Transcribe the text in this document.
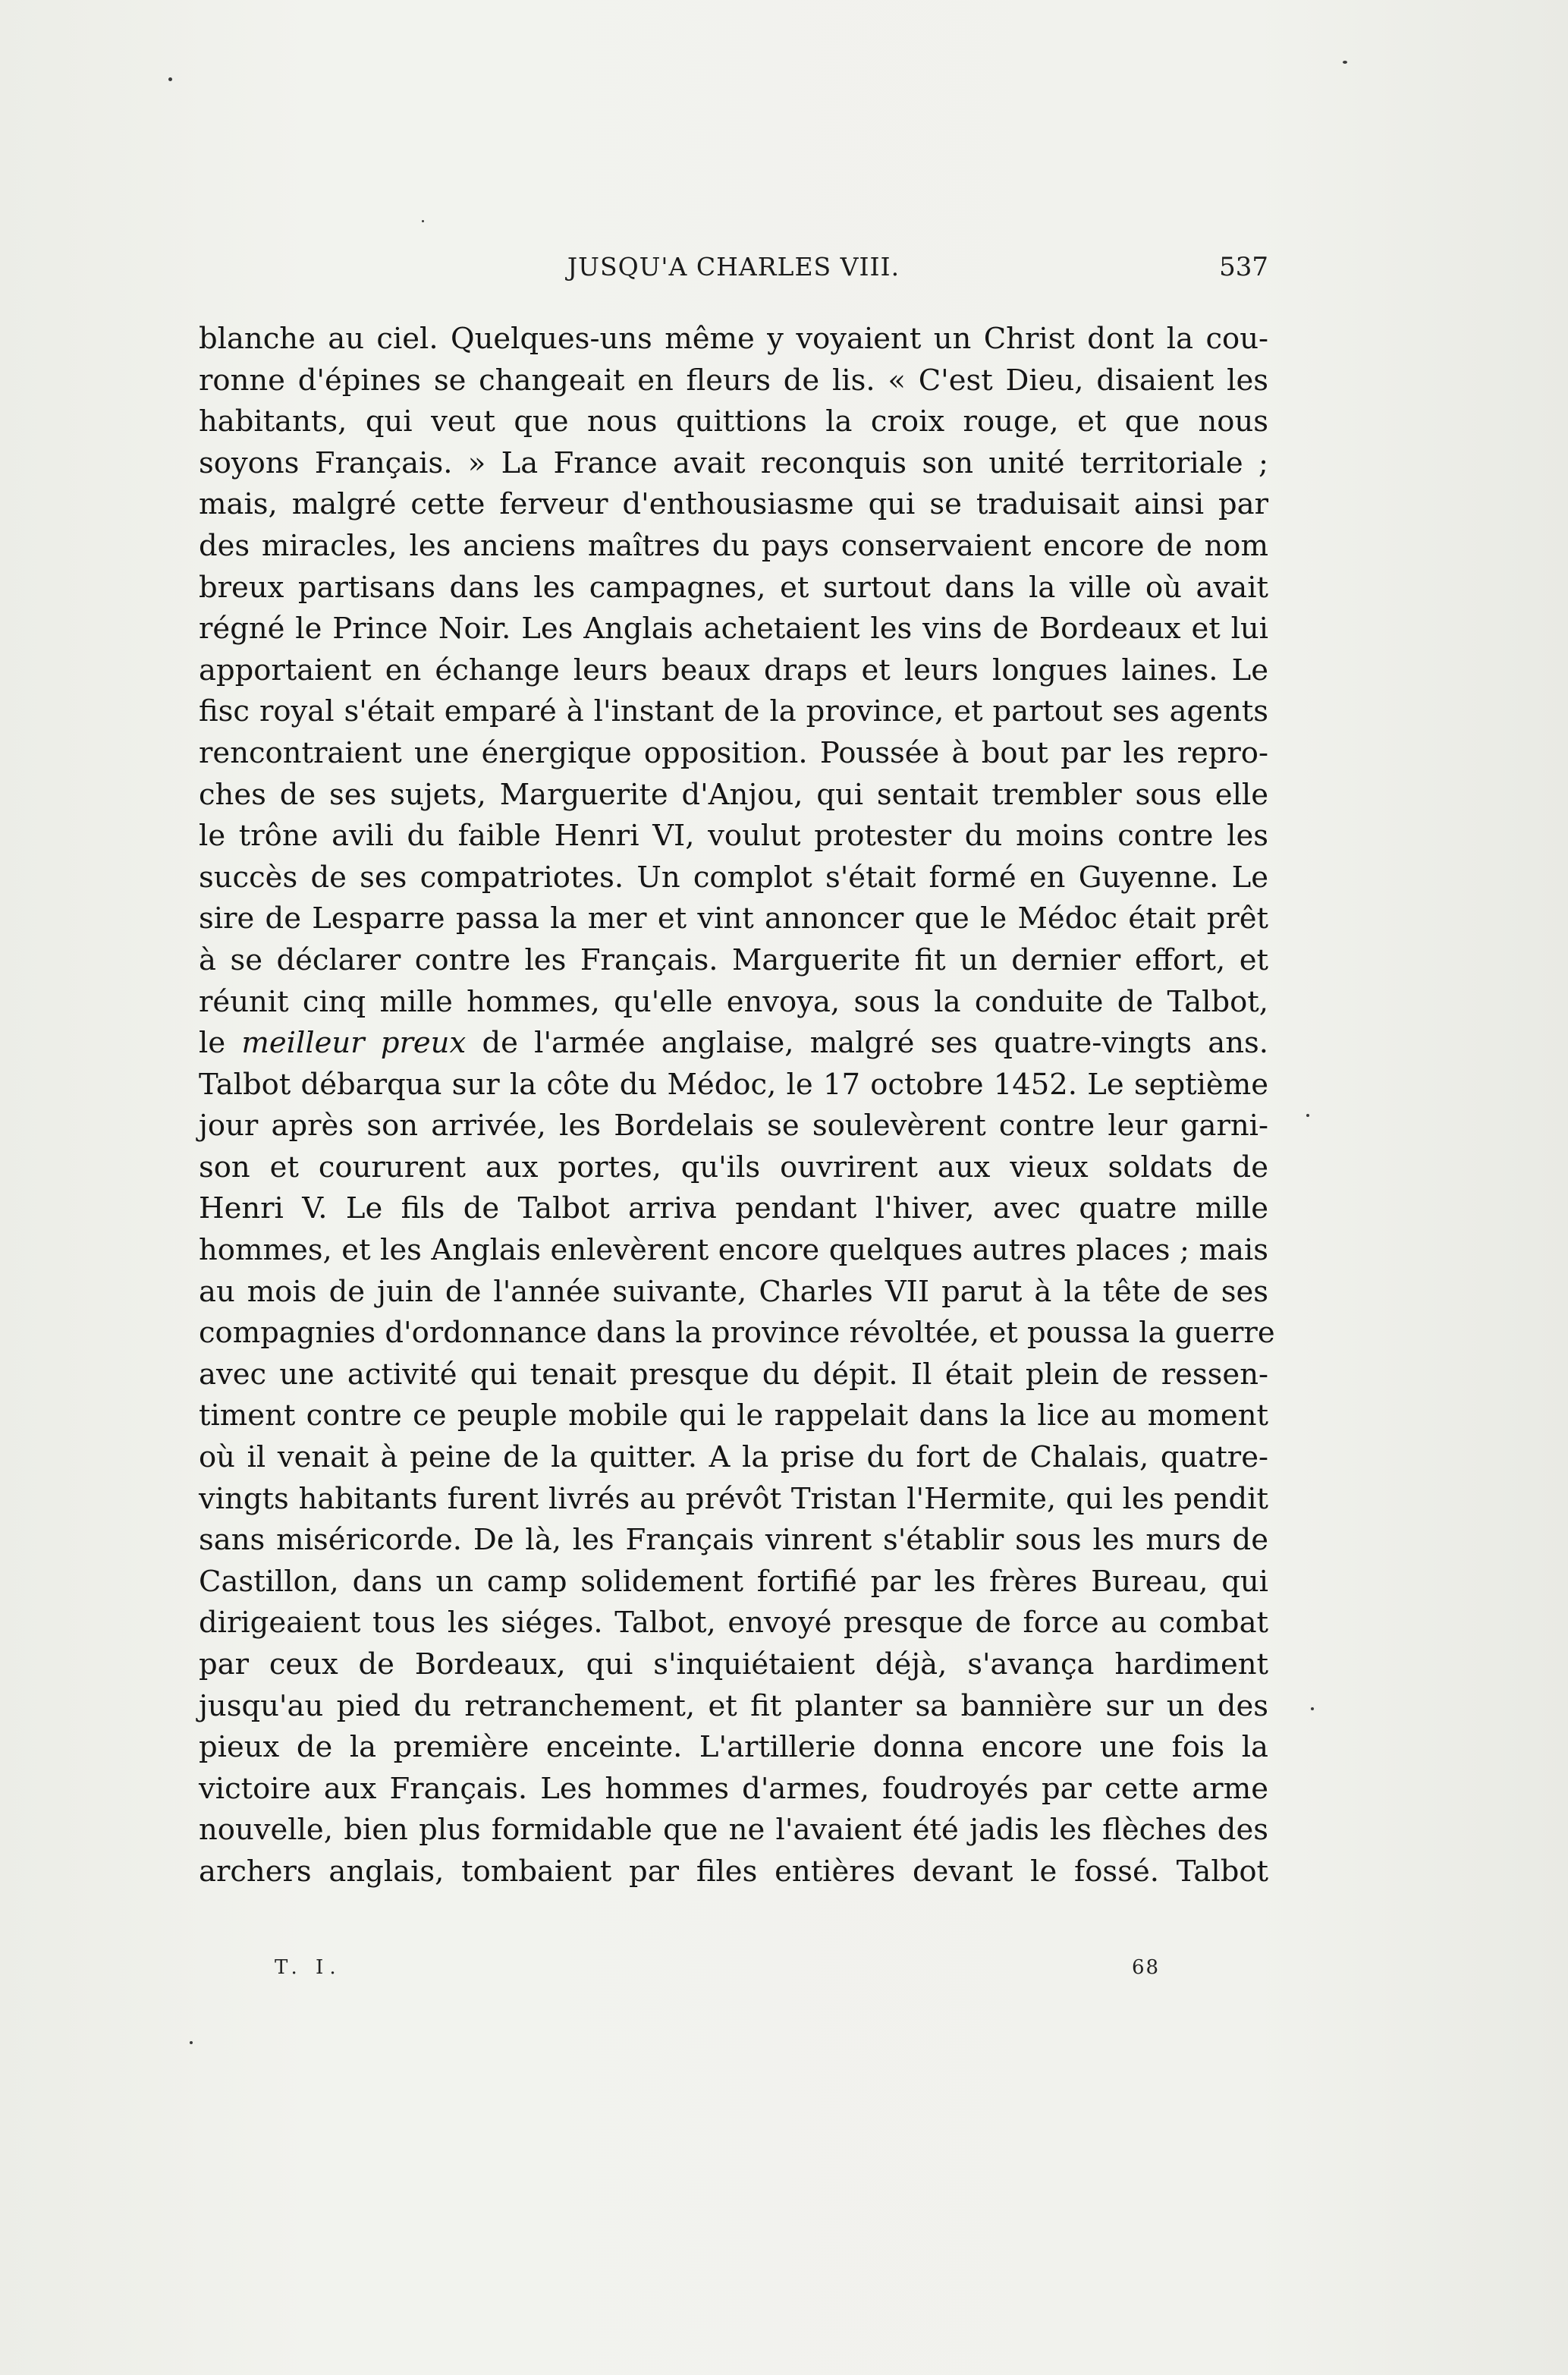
JUSQU'A CHARLES VIII.	537
blanche au ciel. Quelques-uns même y voyaient un Christ dont la cou-
ronne d'épines se changeait en fleurs de lis. « C'est Dieu, disaient les
habitants, qui veut que nous quittions la croix rouge, et que nous
soyons Français. » La France avait reconquis son unité territoriale ;
mais, malgré cette ferveur d'enthousiasme qui se traduisait ainsi par
des miracles, les anciens maîtres du pays conservaient encore de nom
breux partisans dans les campagnes, et surtout dans la ville où avait
régné le Prince Noir. Les Anglais achetaient les vins de Bordeaux et lui
apportaient en échange leurs beaux draps et leurs longues laines. Le
fisc royal s'était emparé à l'instant de la province, et partout ses agents
rencontraient une énergique opposition. Poussée à bout par les repro-
ches de ses sujets, Marguerite d'Anjou, qui sentait trembler sous elle
le trône avili du faible Henri VI, voulut protester du moins contre les
succès de ses compatriotes. Un complot s'était formé en Guyenne. Le
sire de Lesparre passa la mer et vint annoncer que le Médoc était prêt
à se déclarer contre les Français. Marguerite fit un dernier effort, et
réunit cinq mille hommes, qu'elle envoya, sous la conduite de Talbot,
le meilleur preux de l'armée anglaise, malgré ses quatre-vingts ans.
Talbot débarqua sur la côte du Médoc, le 17 octobre 1452. Le septième
jour après son arrivée, les Bordelais se soulevèrent contre leur garni-
son et coururent aux portes, qu'ils ouvrirent aux vieux soldats de
Henri V. Le fils de Talbot arriva pendant l'hiver, avec quatre mille
hommes, et les Anglais enlevèrent encore quelques autres places ; mais
au mois de juin de l'année suivante, Charles VII parut à la tête de ses
compagnies d'ordonnance dans la province révoltée, et poussa la guerre
avec une activité qui tenait presque du dépit. Il était plein de ressen-
timent contre ce peuple mobile qui le rappelait dans la lice au moment
où il venait à peine de la quitter. A la prise du fort de Chalais, quatre-
vingts habitants furent livrés au prévôt Tristan l'Hermite, qui les pendit
sans miséricorde. De là, les Français vinrent s'établir sous les murs de
Castillon, dans un camp solidement fortifié par les frères Bureau, qui
dirigeaient tous les siéges. Talbot, envoyé presque de force au combat
par ceux de Bordeaux, qui s'inquiétaient déjà, s'avança hardiment
jusqu'au pied du retranchement, et fit planter sa bannière sur un des
pieux de la première enceinte. L'artillerie donna encore une fois la
victoire aux Français. Les hommes d'armes, foudroyés par cette arme
nouvelle, bien plus formidable que ne l'avaient été jadis les flèches des
archers anglais, tombaient par files entières devant le fossé. Talbot
T. I.	68
